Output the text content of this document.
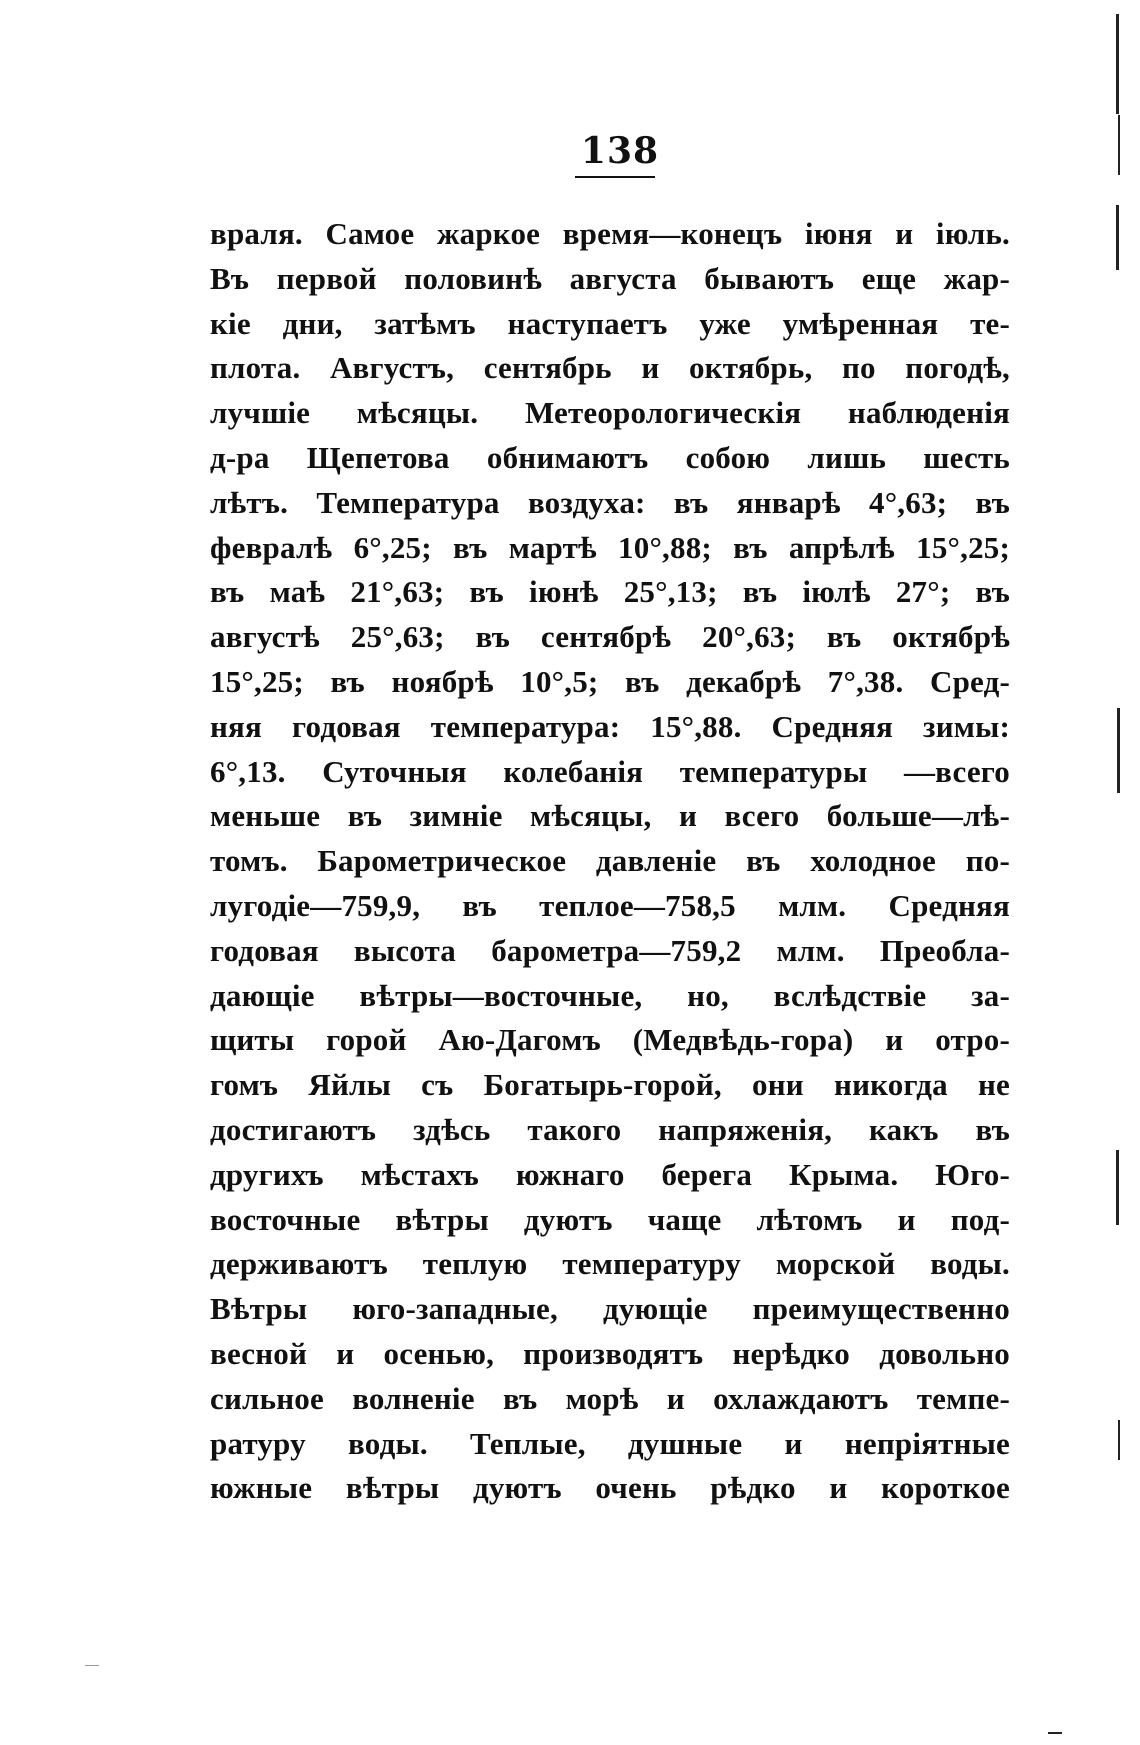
138
враля. Самое жаркое время—конецъ іюня и іюль.
Въ первой половинѣ августа бываютъ еще жар-
кіе дни, затѣмъ наступаетъ уже умѣренная те-
плота. Августъ, сентябрь и октябрь, по погодѣ,
лучшіе мѣсяцы. Метеорологическія наблюденія
д-ра Щепетова обнимаютъ собою лишь шесть
лѣтъ. Температура воздуха: въ январѣ 4°,63; въ
февралѣ 6°,25; въ мартѣ 10°,88; въ апрѣлѣ 15°,25;
въ маѣ 21°,63; въ іюнѣ 25°,13; въ іюлѣ 27°; въ
августѣ 25°,63; въ сентябрѣ 20°,63; въ октябрѣ
15°,25; въ ноябрѣ 10°,5; въ декабрѣ 7°,38. Сред-
няя годовая температура: 15°,88. Средняя зимы:
6°,13. Суточныя колебанія температуры —всего
меньше въ зимніе мѣсяцы, и всего больше—лѣ-
томъ. Барометрическое давленіе въ холодное по-
лугодіе—759,9, въ теплое—758,5 млм. Средняя
годовая высота барометра—759,2 млм. Преобла-
дающіе вѣтры—восточные, но, вслѣдствіе за-
щиты горой Аю-Дагомъ (Медвѣдь-гора) и отро-
гомъ Яйлы съ Богатырь-горой, они никогда не
достигаютъ здѣсь такого напряженія, какъ въ
другихъ мѣстахъ южнаго берега Крыма. Юго-
восточные вѣтры дуютъ чаще лѣтомъ и под-
держиваютъ теплую температуру морской воды.
Вѣтры юго-западные, дующіе преимущественно
весной и осенью, производятъ нерѣдко довольно
сильное волненіе въ морѣ и охлаждаютъ темпе-
ратуру воды. Теплые, душные и непріятные
южные вѣтры дуютъ очень рѣдко и короткое
